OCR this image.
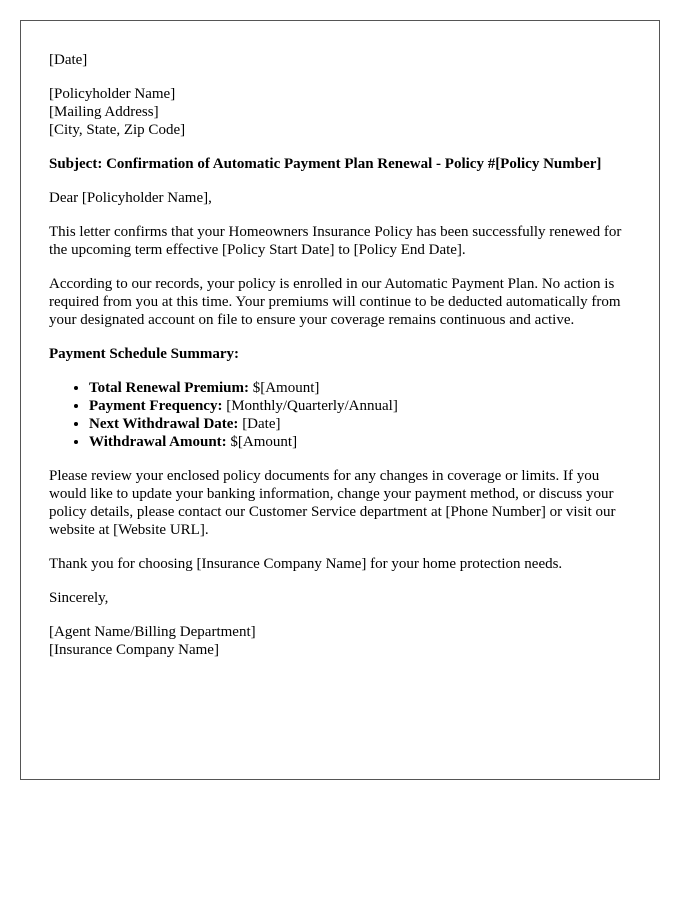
[Date]

[Policyholder Name]
[Mailing Address]
[City, State, Zip Code]

Subject: Confirmation of Automatic Payment Plan Renewal - Policy #[Policy Number]

Dear [Policyholder Name],

This letter confirms that your Homeowners Insurance Policy has been successfully renewed for the upcoming term effective [Policy Start Date] to [Policy End Date].

According to our records, your policy is enrolled in our Automatic Payment Plan. No action is required from you at this time. Your premiums will continue to be deducted automatically from your designated account on file to ensure your coverage remains continuous and active.

Payment Schedule Summary:

• Total Renewal Premium: $[Amount]
• Payment Frequency: [Monthly/Quarterly/Annual]
• Next Withdrawal Date: [Date]
• Withdrawal Amount: $[Amount]

Please review your enclosed policy documents for any changes in coverage or limits. If you would like to update your banking information, change your payment method, or discuss your policy details, please contact our Customer Service department at [Phone Number] or visit our website at [Website URL].

Thank you for choosing [Insurance Company Name] for your home protection needs.

Sincerely,

[Agent Name/Billing Department]
[Insurance Company Name]
